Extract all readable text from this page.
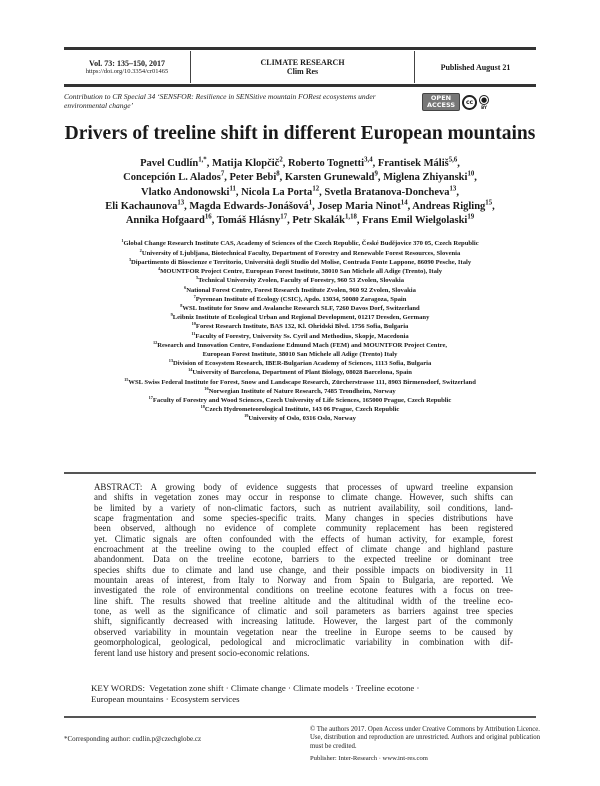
Vol. 73: 135–150, 2017
https://doi.org/10.3354/cr01465
CLIMATE RESEARCH
Clim Res	Published August 21
Contribution to CR Special 34 ‘SENSFOR: Resilience in SENSitive mountain FORest ecosystems under environmental change’
OPEN ACCESS	cc	●
BY
Drivers of treeline shift in different European mountains
Pavel Cudlín$^{1,*}$, Matija Klopčič$^2$, Roberto Tognetti$^{3,4}$, Frantisek Máliš$^{5,6}$,
Concepción L. Alados$^7$, Peter Bebi$^8$, Karsten Grunewald$^9$, Miglena Zhiyanski$^{10}$,
Vlatko Andonowski$^{11}$, Nicola La Porta$^{12}$, Svetla Bratanova-Doncheva$^{13}$,
Eli Kachaunova$^{13}$, Magda Edwards-Jonášová$^1$, Josep Maria Ninot$^{14}$, Andreas Rigling$^{15}$,
Annika Hofgaard$^{16}$, Tomáš Hlásny$^{17}$, Petr Skalák$^{1,18}$, Frans Emil Wielgolaski$^{19}$
$^1$Global Change Research Institute CAS, Academy of Sciences of the Czech Republic, České Budějovice 370 05, Czech Republic
$^2$University of Ljubljana, Biotechnical Faculty, Department of Forestry and Renewable Forest Resources, Slovenia
$^3$Dipartimento di Bioscienze e Territorio, Università degli Studio del Molise, Contrada Fonte Lappone, 86090 Pesche, Italy
$^4$MOUNTFOR Project Centre, European Forest Institute, 38010 San Michele all Adige (Trento), Italy
$^5$Technical University Zvolen, Faculty of Forestry, 960 53 Zvolen, Slovakia
$^6$National Forest Centre, Forest Research Institute Zvolen, 960 92 Zvolen, Slovakia
$^7$Pyrenean Institute of Ecology (CSIC), Apdo. 13034, 50080 Zaragoza, Spain
$^8$WSL Institute for Snow and Avalanche Research SLF, 7260 Davos Dorf, Switzerland
$^9$Leibniz Institute of Ecological Urban and Regional Development, 01217 Dresden, Germany
$^{10}$Forest Research Institute, BAS 132, Kl. Ohridski Blvd. 1756 Sofia, Bulgaria
$^{11}$Faculty of Forestry, University Ss. Cyril and Methodius, Skopje, Macedonia
$^{12}$Research and Innovation Centre, Fondazione Edmund Mach (FEM) and MOUNTFOR Project Centre,
European Forest Institute, 38010 San Michele all Adige (Trento) Italy
$^{13}$Division of Ecosystem Research, IBER-Bulgarian Academy of Sciences, 1113 Sofia, Bulgaria
$^{14}$University of Barcelona, Department of Plant Biology, 08028 Barcelona, Spain
$^{15}$WSL Swiss Federal Institute for Forest, Snow and Landscape Research, Zürcherstrasse 111, 8903 Birmensdorf, Switzerland
$^{16}$Norwegian Institute of Nature Research, 7485 Trondheim, Norway
$^{17}$Faculty of Forestry and Wood Sciences, Czech University of Life Sciences, 165000 Prague, Czech Republic
$^{18}$Czech Hydrometeorological Institute, 143 06 Prague, Czech Republic
$^{19}$University of Oslo, 0316 Oslo, Norway
ABSTRACT: A growing body of evidence suggests that processes of upward treeline expansion
and shifts in vegetation zones may occur in response to climate change. However, such shifts can
be limited by a variety of non-climatic factors, such as nutrient availability, soil conditions, land-
scape fragmentation and some species-specific traits. Many changes in species distributions have
been observed, although no evidence of complete community replacement has been registered
yet. Climatic signals are often confounded with the effects of human activity, for example, forest
encroachment at the treeline owing to the coupled effect of climate change and highland pasture
abandonment. Data on the treeline ecotone, barriers to the expected treeline or dominant tree
species shifts due to climate and land use change, and their possible impacts on biodiversity in 11
mountain areas of interest, from Italy to Norway and from Spain to Bulgaria, are reported. We
investigated the role of environmental conditions on treeline ecotone features with a focus on tree-
line shift. The results showed that treeline altitude and the altitudinal width of the treeline eco-
tone, as well as the significance of climatic and soil parameters as barriers against tree species
shift, significantly decreased with increasing latitude. However, the largest part of the commonly
observed variability in mountain vegetation near the treeline in Europe seems to be caused by
geomorphological, geological, pedological and microclimatic variability in combination with dif-
ferent land use history and present socio-economic relations.
KEY WORDS:  Vegetation zone shift · Climate change · Climate models · Treeline ecotone ·
European mountains · Ecosystem services
*Corresponding author: cudlin.p@czechglobe.cz
© The authors 2017. Open Access under Creative Commons by Attribution Licence. Use, distribution and reproduction are unrestricted. Authors and original publication must be credited.
Publisher: Inter-Research · www.int-res.com
